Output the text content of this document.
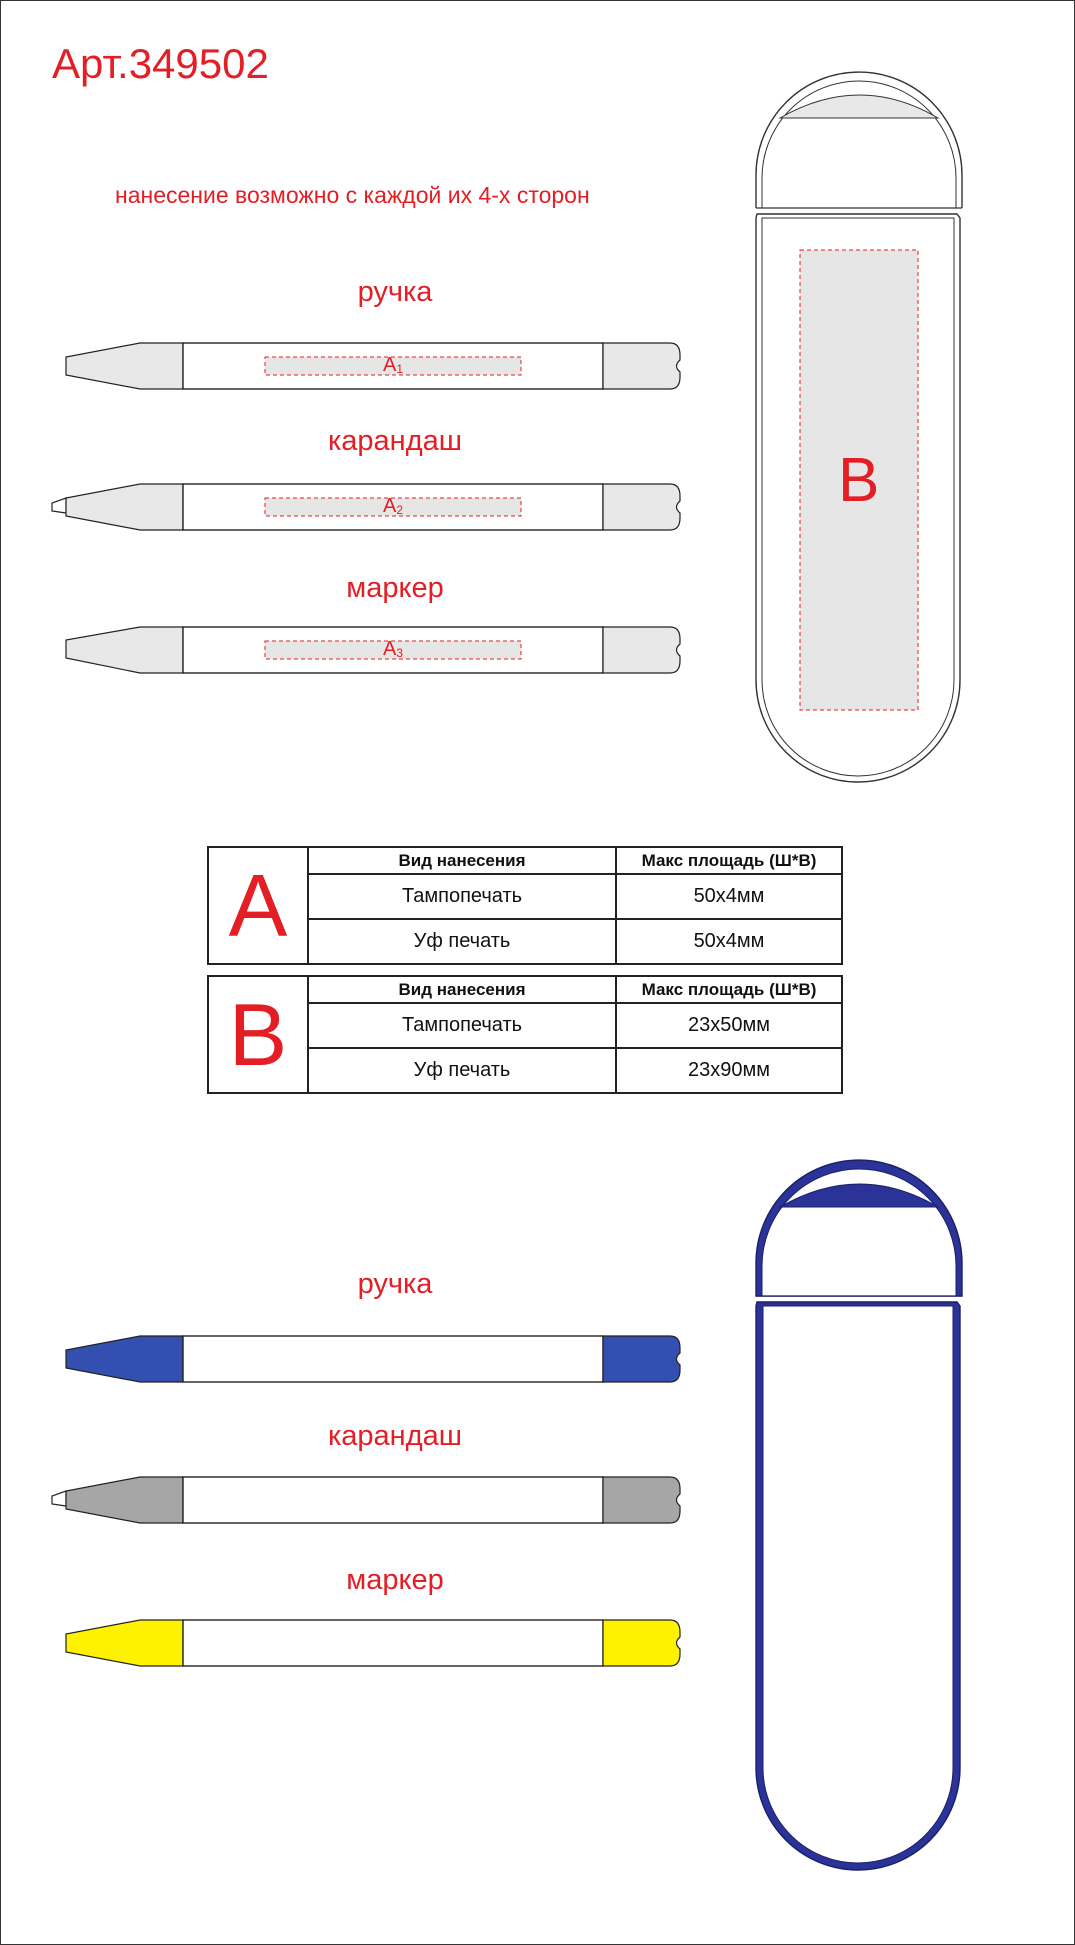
Арт.349502
нанесение возможно с каждой их 4-х сторон
ручка
карандаш
маркер
ручка
карандаш
маркер
$A_1$
$A_2$
$A_3$
B
A	Вид нанесения	Макс площадь (Ш*В)
	Тампопечать	50x4мм
	Уф печать	50x4мм
B	Вид нанесения	Макс площадь (Ш*В)
	Тампопечать	23x50мм
	Уф печать	23x90мм
